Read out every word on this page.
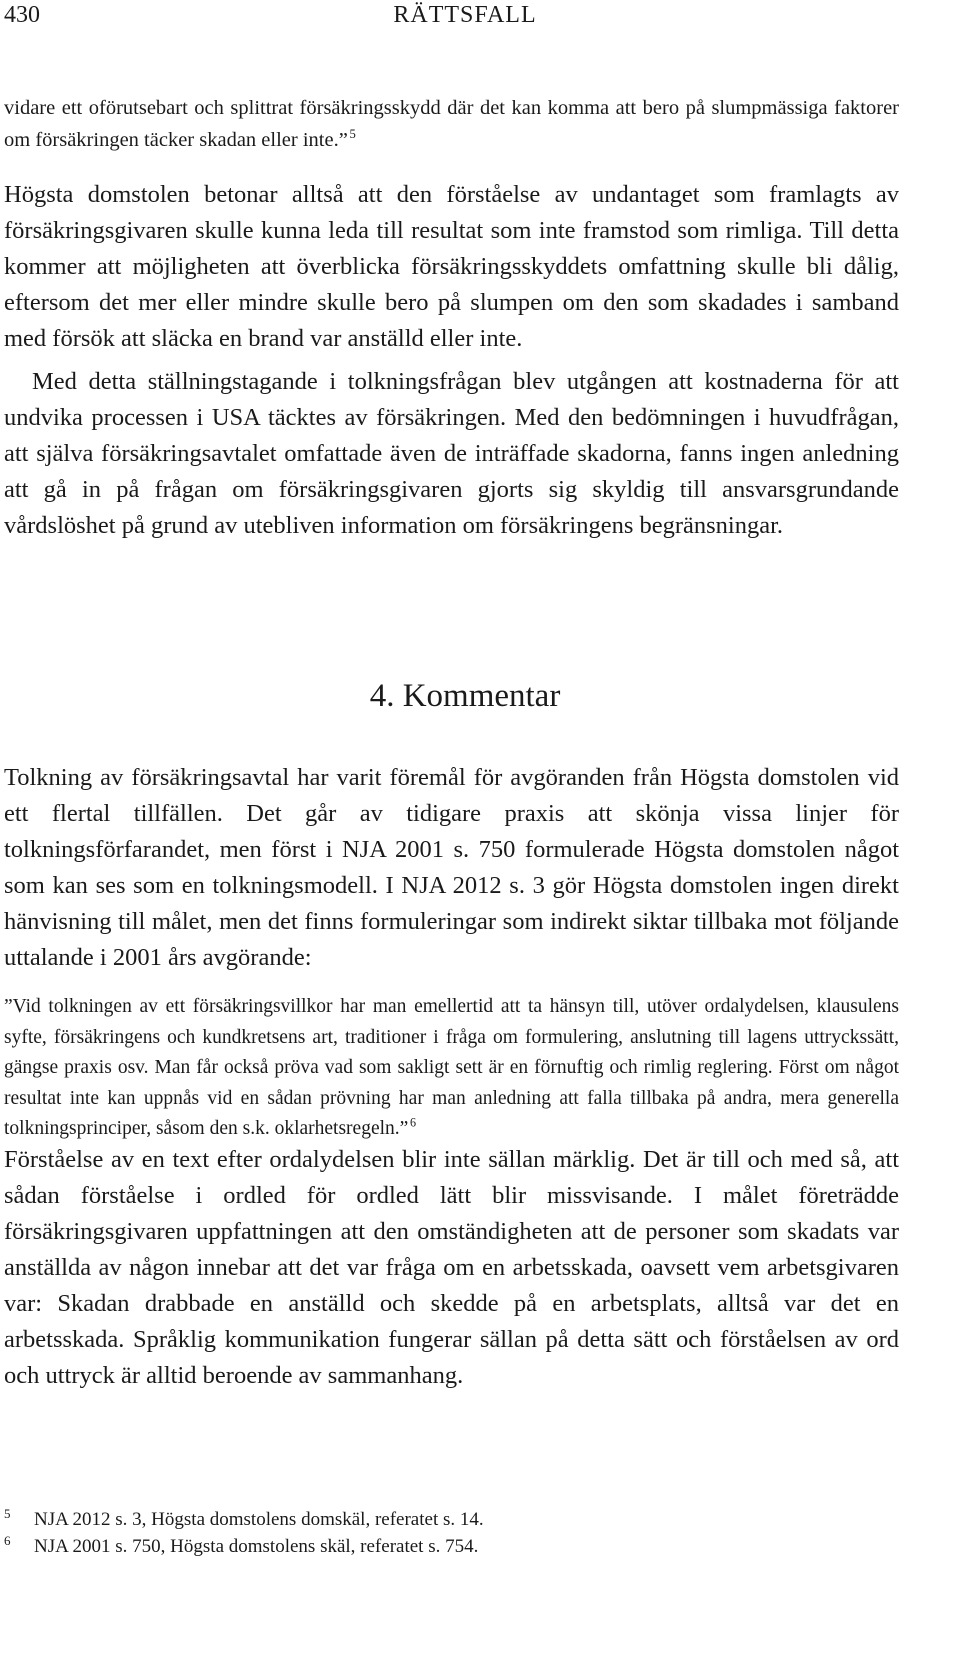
430	RÄTTSFALL

vidare ett oförutsebart och splittrat försäkringsskydd där det kan komma att bero på slumpmässiga faktorer om försäkringen täcker skadan eller inte.”  $^5$

Högsta domstolen betonar alltså att den förståelse av undantaget som framlagts av försäkringsgivaren skulle kunna leda till resultat som inte framstod som rimliga. Till detta kommer att möjligheten att överblicka försäkringsskyddets omfattning skulle bli dålig, eftersom det mer eller mindre skulle bero på slumpen om den som skadades i samband med försök att släcka en brand var anställd eller inte.

Med detta ställningstagande i tolkningsfrågan blev utgången att kostnaderna för att undvika processen i USA täcktes av försäkringen. Med den bedömningen i huvudfrågan, att själva försäkringsavtalet omfattade även de inträffade skadorna, fanns ingen anledning att gå in på frågan om försäkringsgivaren gjorts sig skyldig till ansvarsgrundande vårdslöshet på grund av utebliven information om försäkringens begränsningar.

4. Kommentar

Tolkning av försäkringsavtal har varit föremål för avgöranden från Högsta domstolen vid ett flertal tillfällen. Det går av tidigare praxis att skönja vissa linjer för tolkningsförfarandet, men först i NJA 2001 s. 750 formulerade Högsta domstolen något som kan ses som en tolkningsmodell. I NJA 2012 s. 3 gör Högsta domstolen ingen direkt hänvisning till målet, men det finns formuleringar som indirekt siktar tillbaka mot följande uttalande i 2001 års avgörande:

”Vid tolkningen av ett försäkringsvillkor har man emellertid att ta hänsyn till, utöver ordalydelsen, klausulens syfte, försäkringens och kundkretsens art, traditioner i fråga om formulering, anslutning till lagens uttryckssätt, gängse praxis osv. Man får också pröva vad som sakligt sett är en förnuftig och rimlig reglering. Först om något resultat inte kan uppnås vid en sådan prövning har man anledning att falla tillbaka på andra, mera generella tolkningsprinciper, såsom den s.k. oklarhetsregeln.”  $^6$

Förståelse av en text efter ordalydelsen blir inte sällan märklig. Det är till och med så, att sådan förståelse i ordled för ordled lätt blir missvisande. I målet företrädde försäkringsgivaren uppfattningen att den omständigheten att de personer som skadats var anställda av någon innebar att det var fråga om en arbetsskada, oavsett vem arbetsgivaren var: Skadan drabbade en anställd och skedde på en arbetsplats, alltså var det en arbetsskada. Språklig kommunikation fungerar sällan på detta sätt och förståelsen av ord och uttryck är alltid beroende av sammanhang.

5 NJA 2012 s. 3, Högsta domstolens domskäl, referatet s. 14.
6 NJA 2001 s. 750, Högsta domstolens skäl, referatet s. 754.
